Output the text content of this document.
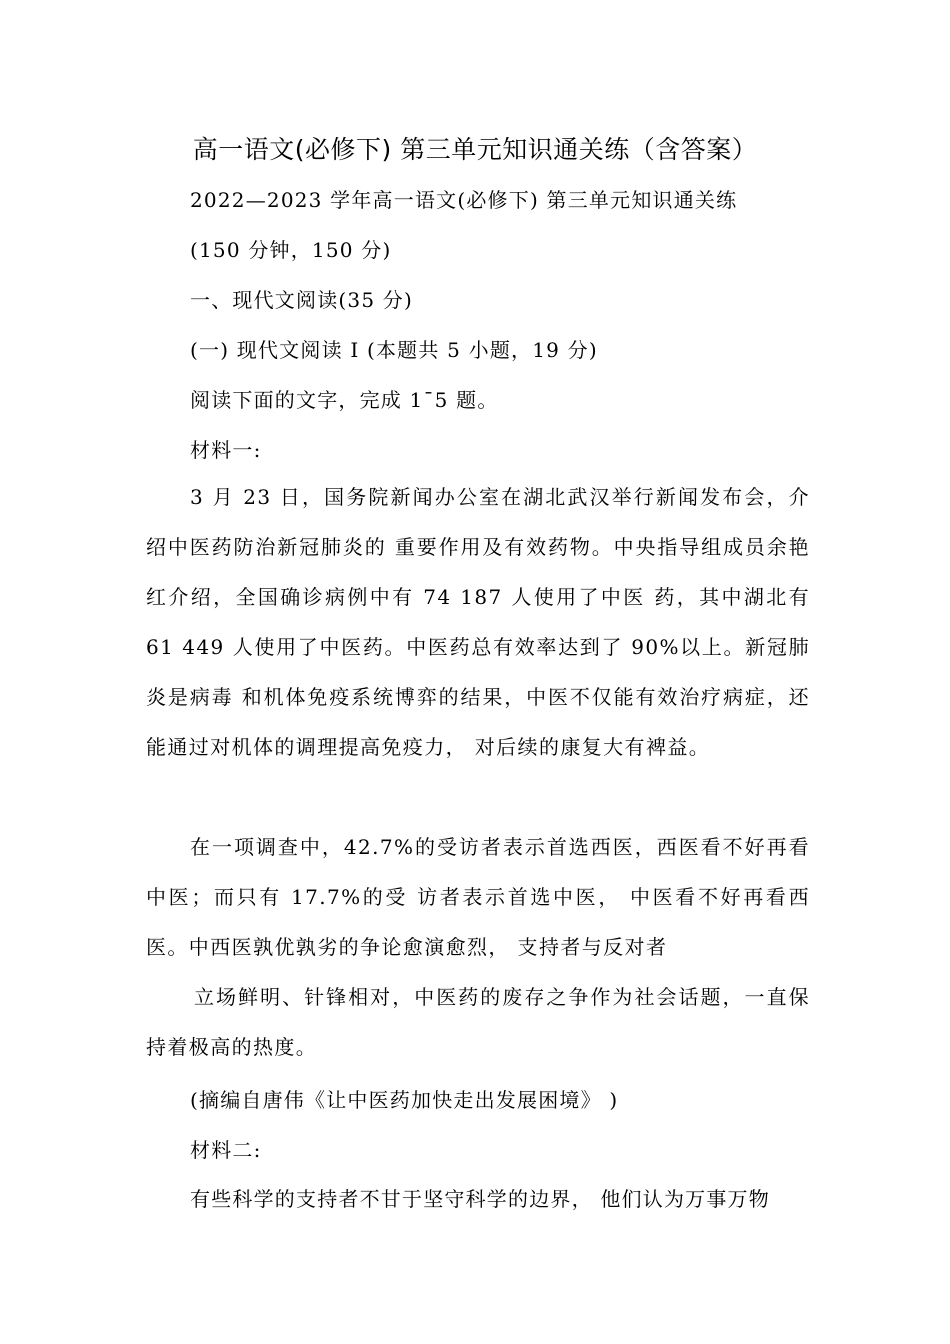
高一语文(必修下) 第三单元知识通关练（含答案）
2022—2023 学年高一语文(必修下) 第三单元知识通关练
(150 分钟，150 分)
一、现代文阅读(35 分)
(一) 现代文阅读 I (本题共 5 小题，19 分)
阅读下面的文字，完成 1¯5 题。
材料一:
3 月 23 日，国务院新闻办公室在湖北武汉举行新闻发布会，介绍中医药防治新冠肺炎的 重要作用及有效药物。中央指导组成员余艳红介绍，全国确诊病例中有 74 187 人使用了中医 药，其中湖北有 61 449 人使用了中医药。中医药总有效率达到了 90%以上。新冠肺炎是病毒 和机体免疫系统博弈的结果，中医不仅能有效治疗病症，还能通过对机体的调理提高免疫力， 对后续的康复大有裨益。
在一项调查中，42.7%的受访者表示首选西医，西医看不好再看中医；而只有 17.7%的受 访者表示首选中医， 中医看不好再看西医。中西医孰优孰劣的争论愈演愈烈， 支持者与反对者
立场鲜明、针锋相对，中医药的废存之争作为社会话题，一直保持着极高的热度。
(摘编自唐伟《让中医药加快走出发展困境》 )
材料二:
有些科学的支持者不甘于坚守科学的边界， 他们认为万事万物
